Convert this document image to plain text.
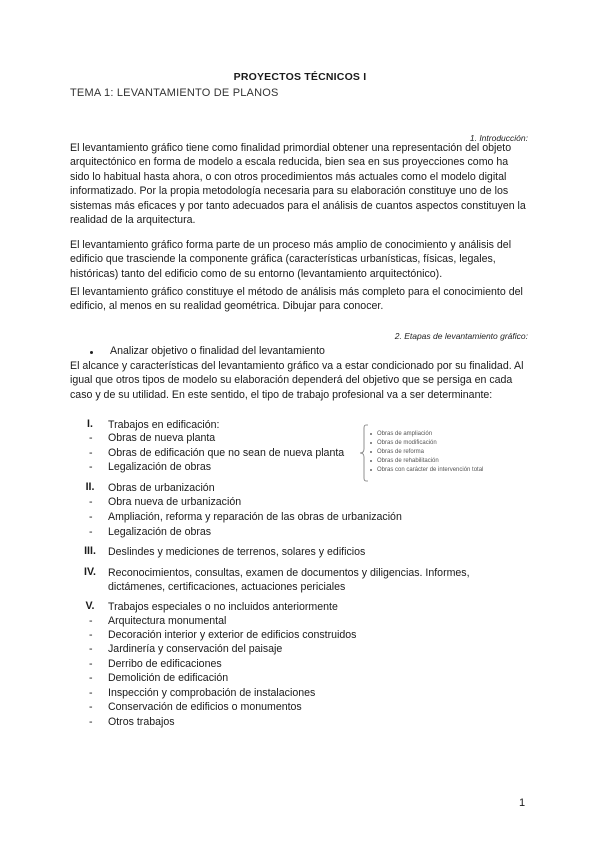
PROYECTOS TÉCNICOS I
TEMA 1: LEVANTAMIENTO DE PLANOS
1. Introducción:
El levantamiento gráfico tiene como finalidad primordial obtener una representación del objeto arquitectónico en forma de modelo a escala reducida, bien sea en sus proyecciones como ha sido lo habitual hasta ahora, o con otros procedimientos más actuales como el modelo digital informatizado. Por la propia metodología necesaria para su elaboración constituye uno de los sistemas más eficaces y por tanto adecuados para el análisis de cuantos aspectos constituyen la realidad de la arquitectura.
El levantamiento gráfico forma parte de un proceso más amplio de conocimiento y análisis del edificio que trasciende la componente gráfica (características urbanísticas, físicas, legales, históricas) tanto del edificio como de su entorno (levantamiento arquitectónico).
El levantamiento gráfico constituye el método de análisis más completo para el conocimiento del edificio, al menos en su realidad geométrica. Dibujar para conocer.
2. Etapas de levantamiento gráfico:
Analizar objetivo o finalidad del levantamiento
El alcance y características del levantamiento gráfico va a estar condicionado por su finalidad. Al igual que otros tipos de modelo su elaboración dependerá del objetivo que se persiga en cada caso y de su utilidad. En este sentido, el tipo de trabajo profesional va a ser determinante:
I.	Trabajos en edificación:
- Obras de nueva planta
- Obras de edificación que no sean de nueva planta
- Legalización de obras
Obras de ampliación
Obras de modificación
Obras de reforma
Obras de rehabilitación
Obras con carácter de intervención total
II.	Obras de urbanización
- Obra nueva de urbanización
- Ampliación, reforma y reparación de las obras de urbanización
- Legalización de obras
III.	Deslindes y mediciones de terrenos, solares y edificios
IV.	Reconocimientos, consultas, examen de documentos y diligencias. Informes,
dictámenes, certificaciones, actuaciones periciales
V.	Trabajos especiales o no incluidos anteriormente
- Arquitectura monumental
- Decoración interior y exterior de edificios construidos
- Jardinería y conservación del paisaje
- Derribo de edificaciones
- Demolición de edificación
- Inspección y comprobación de instalaciones
- Conservación de edificios o monumentos
- Otros trabajos
1
